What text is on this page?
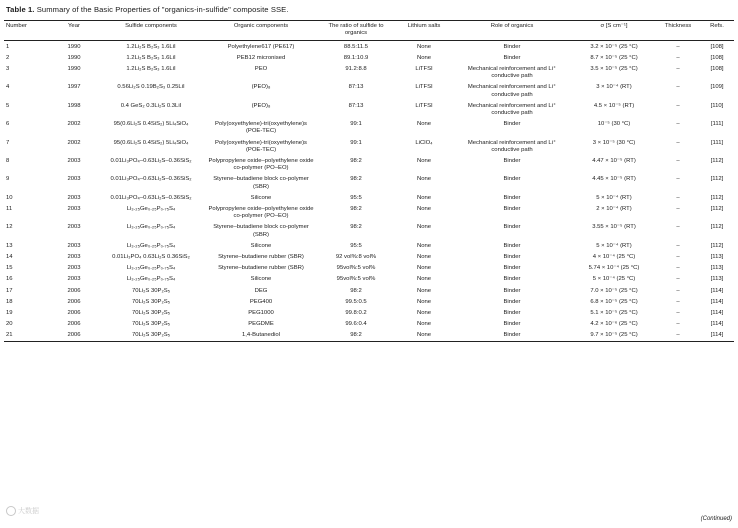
Table 1. Summary of the Basic Properties of "organics-in-sulfide" composite SSE.
Number	Year	Sulfide components	Organic components	The ratio of sulfide to organics	Lithium salts	Role of organics	σ [S cm⁻¹]	Thickness	Refs.
1	1990	1.2Li₂S B₂S₃ 1.6LiI	Polyethylene617 (PE617)	88.5:11.5	None	Binder	3.2 × 10⁻⁵ (25 °C)	–	[108]
2	1990	1.2Li₂S B₂S₃ 1.6LiI	PEB12 micronised	89.1:10.9	None	Binder	8.7 × 10⁻⁵ (25 °C)	–	[108]
3	1990	1.2Li₂S B₂S₃ 1.6LiI	PEO	91.2:8.8	LiTFSI	Mechanical reinforcement and Li⁺ conductive path	3.5 × 10⁻⁵ (25 °C)	–	[108]
4	1997	0.56Li₂S 0.19B₂S₃ 0.25LiI	(PEO)₈	87:13	LiTFSI	Mechanical reinforcement and Li⁺ conductive path	3 × 10⁻⁴ (RT)	–	[109]
5	1998	0.4 GeS₂ 0.3Li₂S 0.3LiI	(PEO)₈	87:13	LiTFSI	Mechanical reinforcement and Li⁺ conductive path	4.5 × 10⁻⁵ (RT)	–	[110]
6	2002	95(0.6Li₂S 0.4SiS₂) 5Li₄SiO₄	Poly(oxyethylene)-tri(oxyethylene)s (POE-TEC)	99:1	None	Binder	10⁻⁵ (30 °C)	–	[111]
7	2002	95(0.6Li₂S 0.4SiS₂) 5Li₄SiO₄	Poly(oxyethylene)-tri(oxyethylene)s (POE-TEC)	99:1	LiClO₄	Mechanical reinforcement and Li⁺ conductive path	3 × 10⁻⁵ (30 °C)	–	[111]
8	2003	0.01Li₃PO₄–0.63Li₂S–0.36SiS₂	Polypropylene oxide–polyethylene oxide co-polymer (PO–EO)	98:2	None	Binder	4.47 × 10⁻⁵ (RT)	–	[112]
9	2003	0.01Li₃PO₄–0.63Li₂S–0.36SiS₂	Styrene–butadiene block co-polymer (SBR)	98:2	None	Binder	4.45 × 10⁻⁵ (RT)	–	[112]
10	2003	0.01Li₃PO₄–0.63Li₂S–0.36SiS₂	Silicone	95:5	None	Binder	5 × 10⁻⁴ (RT)	–	[112]
11	2003	Li₃.₂₅Ge₀.₂₅P₀.₇₅S₄	Polypropylene oxide–polyethylene oxide co-polymer (PO–EO)	98:2	None	Binder	2 × 10⁻⁴ (RT)	–	[112]
12	2003	Li₃.₂₅Ge₀.₂₅P₀.₇₅S₄	Styrene–butadiene block co-polymer (SBR)	98:2	None	Binder	3.55 × 10⁻⁵ (RT)	–	[112]
13	2003	Li₃.₂₅Ge₀.₂₅P₀.₇₅S₄	Silicone	95:5	None	Binder	5 × 10⁻⁴ (RT)	–	[112]
14	2003	0.01Li₃PO₄ 0.63Li₂S 0.36SiS₂	Styrene–butadiene rubber (SBR)	92 vol%:8 vol%	None	Binder	4 × 10⁻⁴ (25 °C)	–	[113]
15	2003	Li₃.₂₅Ge₀.₂₅P₀.₇₅S₄	Styrene–butadiene rubber (SBR)	95vol%:5 vol%	None	Binder	5.74 × 10⁻⁴ (25 °C)	–	[113]
16	2003	Li₃.₂₅Ge₀.₂₅P₀.₇₅S₄	Silicone	95vol%:5 vol%	None	Binder	5 × 10⁻⁴ (25 °C)	–	[113]
17	2006	70Li₂S 30P₂S₅	DEG	98:2	None	Binder	7.0 × 10⁻⁵ (25 °C)	–	[114]
18	2006	70Li₂S 30P₂S₅	PEG400	99.5:0.5	None	Binder	6.8 × 10⁻⁵ (25 °C)	–	[114]
19	2006	70Li₂S 30P₂S₅	PEG1000	99.8:0.2	None	Binder	5.1 × 10⁻⁵ (25 °C)	–	[114]
20	2006	70Li₂S 30P₂S₅	PEGDME	99.6:0.4	None	Binder	4.2 × 10⁻⁶ (25 °C)	–	[114]
21	2006	70Li₂S 30P₂S₅	1,4-Butanediol	98:2	None	Binder	9.7 × 10⁻⁵ (25 °C)	–	[114]
大数据
(Continued)
